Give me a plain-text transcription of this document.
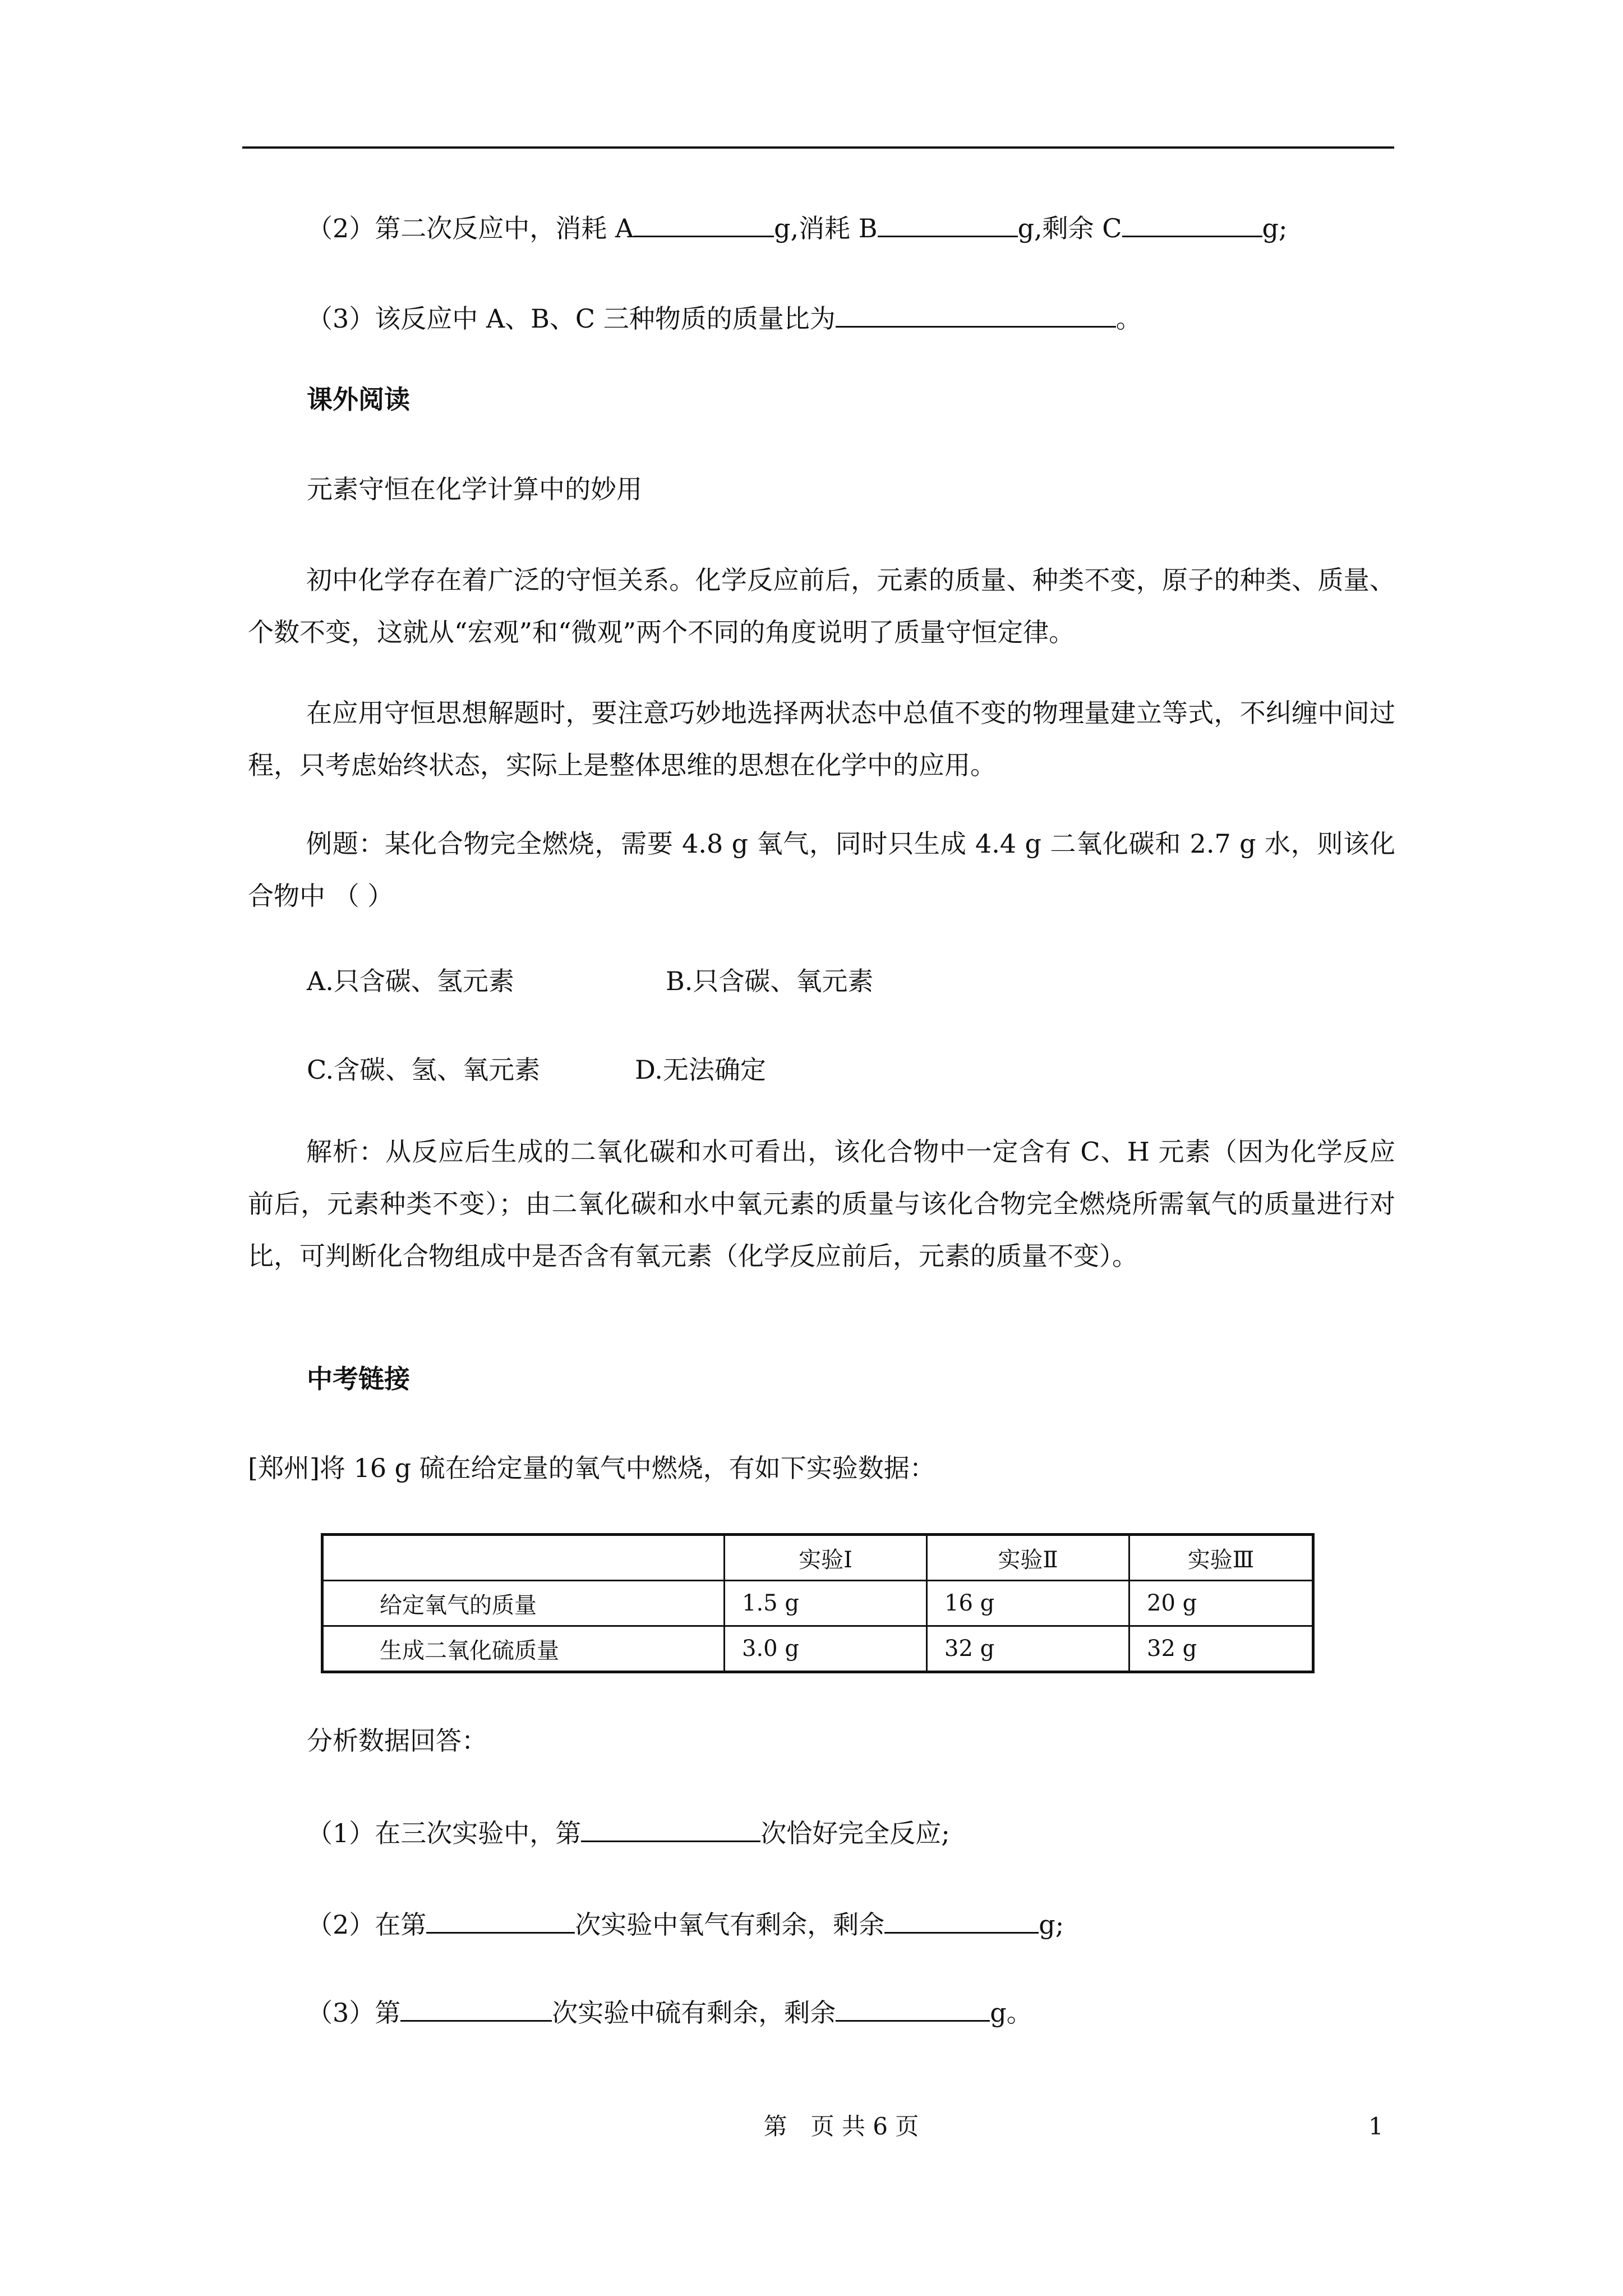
（2）第二次反应中，消耗 A	g,消耗 B	g,剩余 C	g;
（3）该反应中 A、B、C 三种物质的质量比为	。
课外阅读
元素守恒在化学计算中的妙用
初中化学存在着广泛的守恒关系。化学反应前后，元素的质量、种类不变，原子的种类、质量、个数不变，这就从“宏观”和“微观”两个不同的角度说明了质量守恒定律。
在应用守恒思想解题时，要注意巧妙地选择两状态中总值不变的物理量建立等式，不纠缠中间过程，只考虑始终状态，实际上是整体思维的思想在化学中的应用。
例题：某化合物完全燃烧，需要 4.8 g 氧气，同时只生成 4.4 g 二氧化碳和 2.7 g 水，则该化合物中 （ ）
A.只含碳、氢元素	B.只含碳、氧元素
C.含碳、氢、氧元素	D.无法确定
解析：从反应后生成的二氧化碳和水可看出，该化合物中一定含有 C、H 元素（因为化学反应前后，元素种类不变）；由二氧化碳和水中氧元素的质量与该化合物完全燃烧所需氧气的质量进行对比，可判断化合物组成中是否含有氧元素（化学反应前后，元素的质量不变）。
中考链接
[郑州]将 16 g 硫在给定量的氧气中燃烧，有如下实验数据：
	实验Ⅰ	实验Ⅱ	实验Ⅲ
给定氧气的质量	1.5 g	16 g	20 g
生成二氧化硫质量	3.0 g	32 g	32 g
分析数据回答：
（1）在三次实验中，第	次恰好完全反应;
（2）在第	次实验中氧气有剩余，剩余	g;
（3）第	次实验中硫有剩余，剩余	g。
第　页 共 6 页	1
